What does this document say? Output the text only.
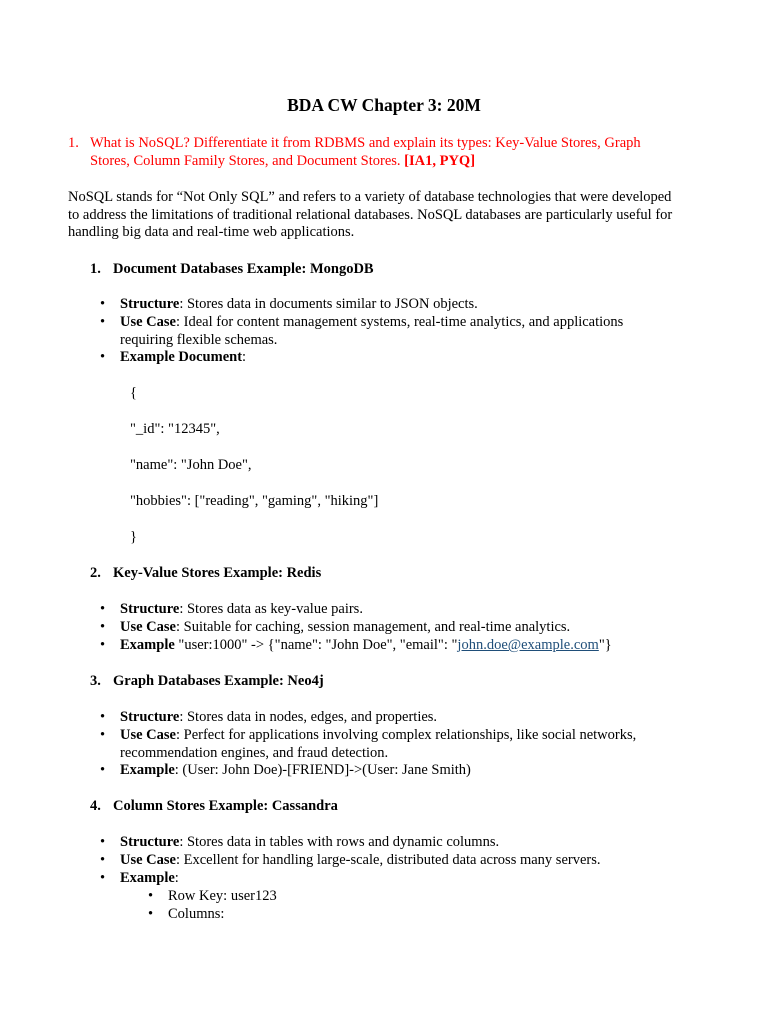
BDA CW Chapter 3: 20M
1. What is NoSQL? Differentiate it from RDBMS and explain its types: Key-Value Stores, Graph
Stores, Column Family Stores, and Document Stores. [IA1, PYQ]
NoSQL stands for “Not Only SQL” and refers to a variety of database technologies that were developed
to address the limitations of traditional relational databases. NoSQL databases are particularly useful for
handling big data and real-time web applications.
1. Document Databases Example: MongoDB
• Structure: Stores data in documents similar to JSON objects.
• Use Case: Ideal for content management systems, real-time analytics, and applications
requiring flexible schemas.
• Example Document:
{
"_id": "12345",
"name": "John Doe",
"hobbies": ["reading", "gaming", "hiking"]
}
2. Key-Value Stores Example: Redis
• Structure: Stores data as key-value pairs.
• Use Case: Suitable for caching, session management, and real-time analytics.
• Example "user:1000" -> {"name": "John Doe", "email": "john.doe@example.com"}
3. Graph Databases Example: Neo4j
• Structure: Stores data in nodes, edges, and properties.
• Use Case: Perfect for applications involving complex relationships, like social networks,
recommendation engines, and fraud detection.
• Example: (User: John Doe)-[FRIEND]->(User: Jane Smith)
4. Column Stores Example: Cassandra
• Structure: Stores data in tables with rows and dynamic columns.
• Use Case: Excellent for handling large-scale, distributed data across many servers.
• Example:
• Row Key: user123
• Columns:
